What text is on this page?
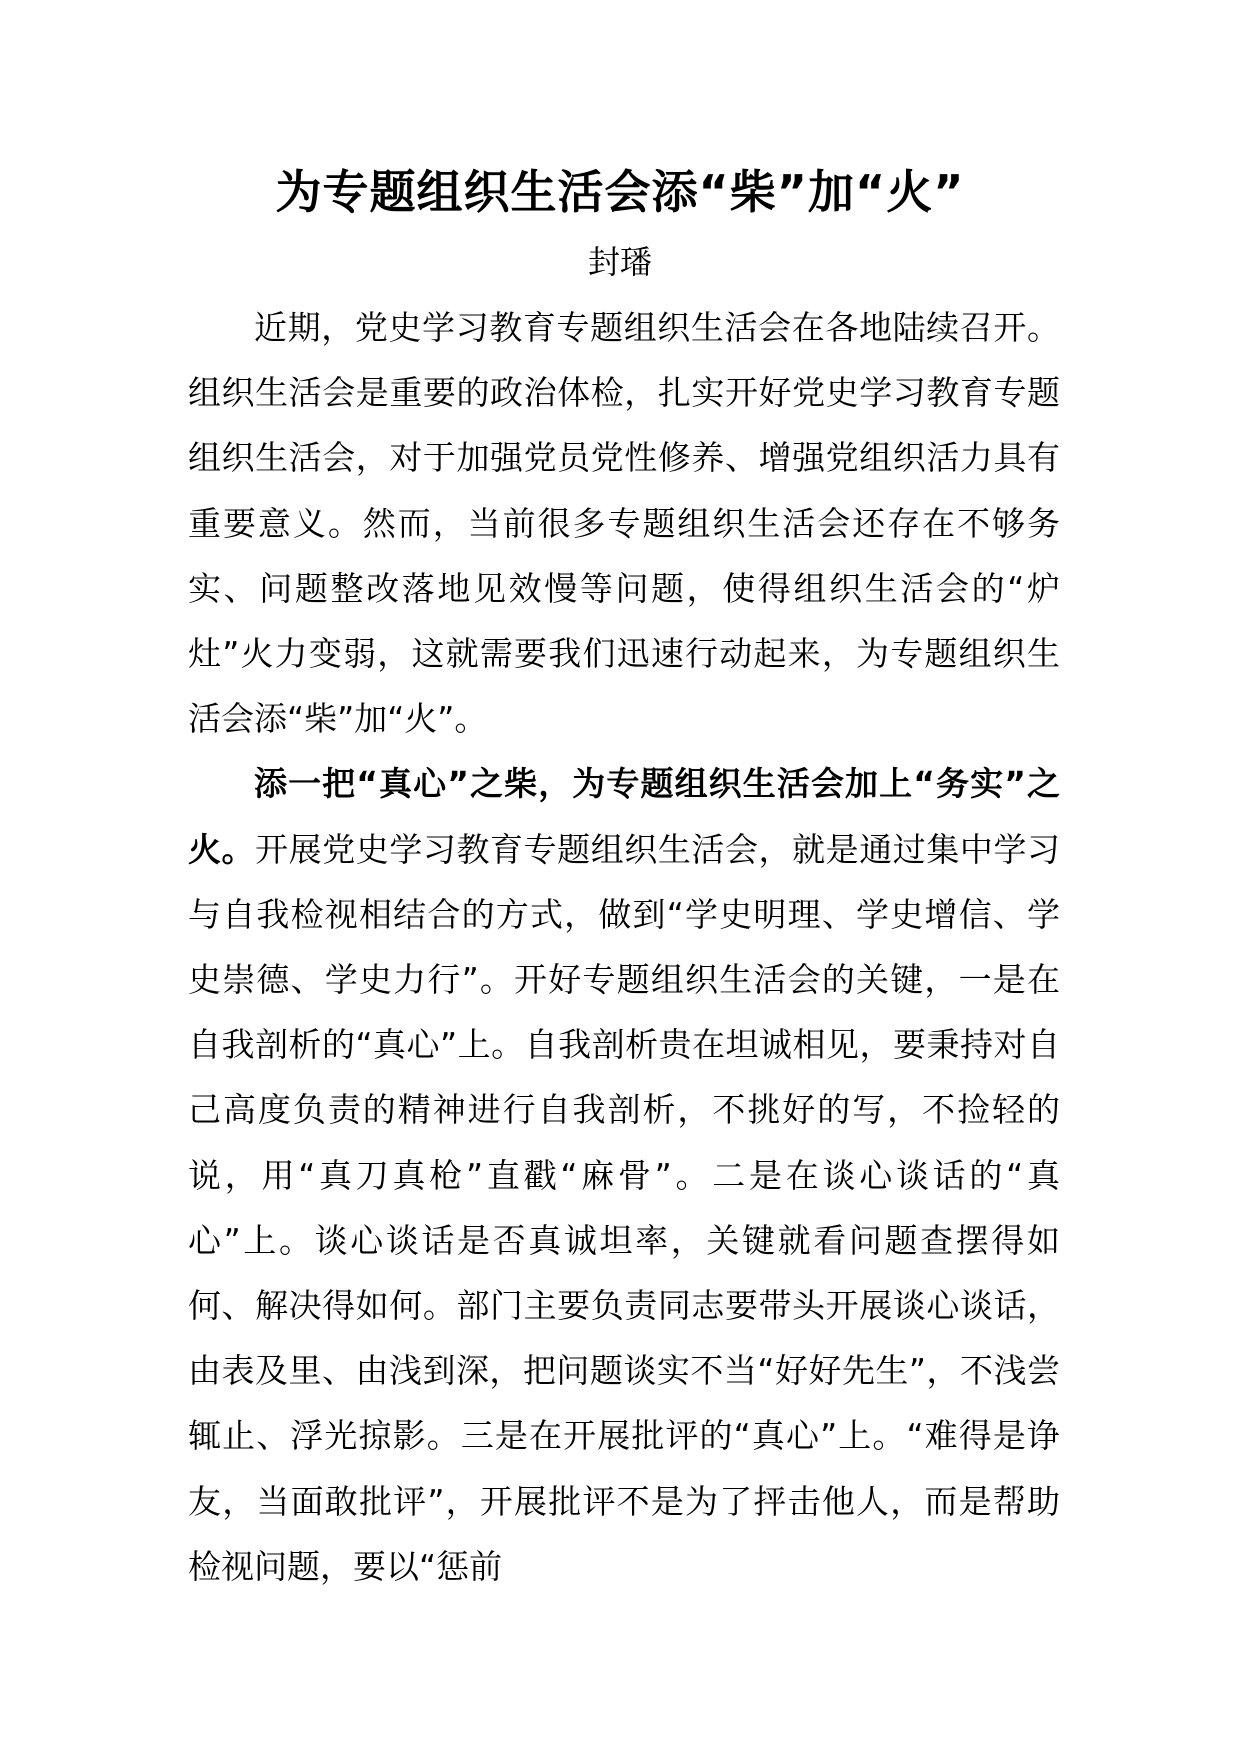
为专题组织生活会添“柴”加“火”
封璠

近期，党史学习教育专题组织生活会在各地陆续召开。组织生活会是重要的政治体检，扎实开好党史学习教育专题组织生活会，对于加强党员党性修养、增强党组织活力具有重要意义。然而，当前很多专题组织生活会还存在不够务实、问题整改落地见效慢等问题，使得组织生活会的“炉灶”火力变弱，这就需要我们迅速行动起来，为专题组织生活会添“柴”加“火”。

添一把“真心”之柴，为专题组织生活会加上“务实”之火。开展党史学习教育专题组织生活会，就是通过集中学习与自我检视相结合的方式，做到“学史明理、学史增信、学史崇德、学史力行”。开好专题组织生活会的关键，一是在自我剖析的“真心”上。自我剖析贵在坦诚相见，要秉持对自己高度负责的精神进行自我剖析，不挑好的写，不捡轻的说，用“真刀真枪”直戳“麻骨”。二是在谈心谈话的“真心”上。谈心谈话是否真诚坦率，关键就看问题查摆得如何、解决得如何。部门主要负责同志要带头开展谈心谈话，由表及里、由浅到深，把问题谈实不当“好好先生”，不浅尝辄止、浮光掠影。三是在开展批评的“真心”上。“难得是诤友，当面敢批评”，开展批评不是为了抨击他人，而是帮助检视问题，要以“惩前
